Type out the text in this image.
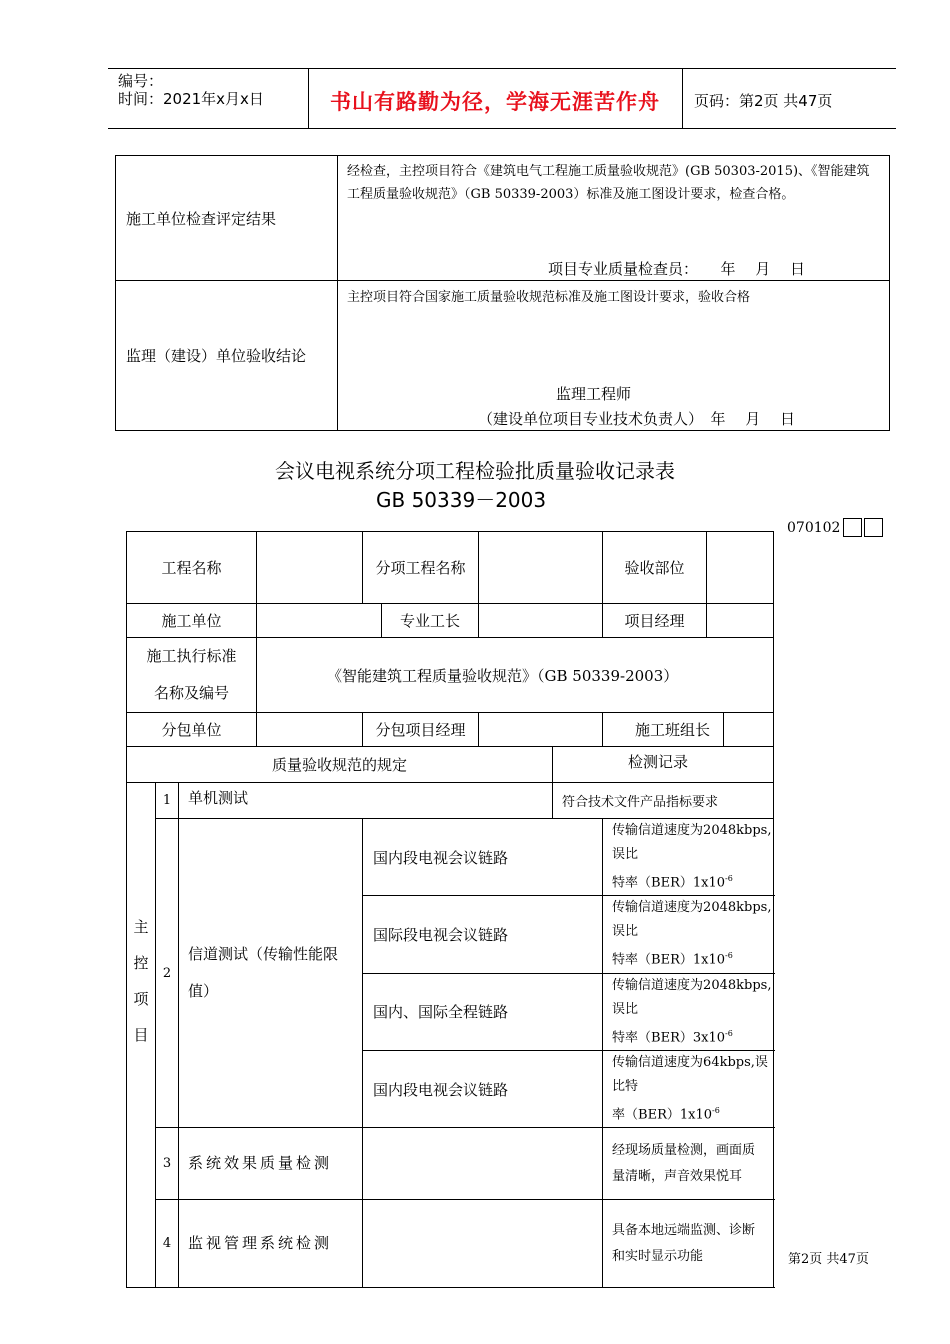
编号：
时间：2021年x月x日	书山有路勤为径，学海无涯苦作舟 页码：第2页 共47页
施工单位检查评定结果	经检查，主控项目符合《建筑电气工程施工质量验收规范》(GB 50303-2015)、《智能建筑工程质量验收规范》（GB 50339-2003）标准及施工图设计要求，检查合格。
项目专业质量检查员：　　年　 月　 日

监理（建设）单位验收结论	主控项目符合国家施工质量验收规范标准及施工图设计要求，验收合格
监理工程师
（建设单位项目专业技术负责人）　年　 月　 日
会议电视系统分项工程检验批质量验收记录表
GB 50339－2003
070102
工程名称				分项工程名称				验收部位	
施工单位					专业工长			项目经理	
施工执行标准名称及编号			《智能建筑工程质量验收规范》（GB 50339-2003）						
分包单位				分包项目经理				施工班组长	

质量验收规范的规定							检测记录		

主控项目	1	单机测试					符合技术文件产品指标要求		
	2	信道测试（传输性能限值）		国内段电视会议链路				传输信道速度为2048kbps,误比
特率$(BER)1x10^{-6}$

				国际段电视会议链路				传输信道速度为2048kbps,误比
特率$(BER)1x10^{-6}$

				国内、国际全程链路				传输信道速度为2048kbps,误比
特率$(BER)3x10^{-6}$

				国内段电视会议链路				传输信道速度为64kbps,误比特
率$(BER)1x10^{-6}$

	3	系统效果质量检测						经现场质量检测，画面质量清晰，声音效果悦耳	
	4	监视管理系统检测						具备本地远端监测、诊断和实时显示功能		第2页 共47页
